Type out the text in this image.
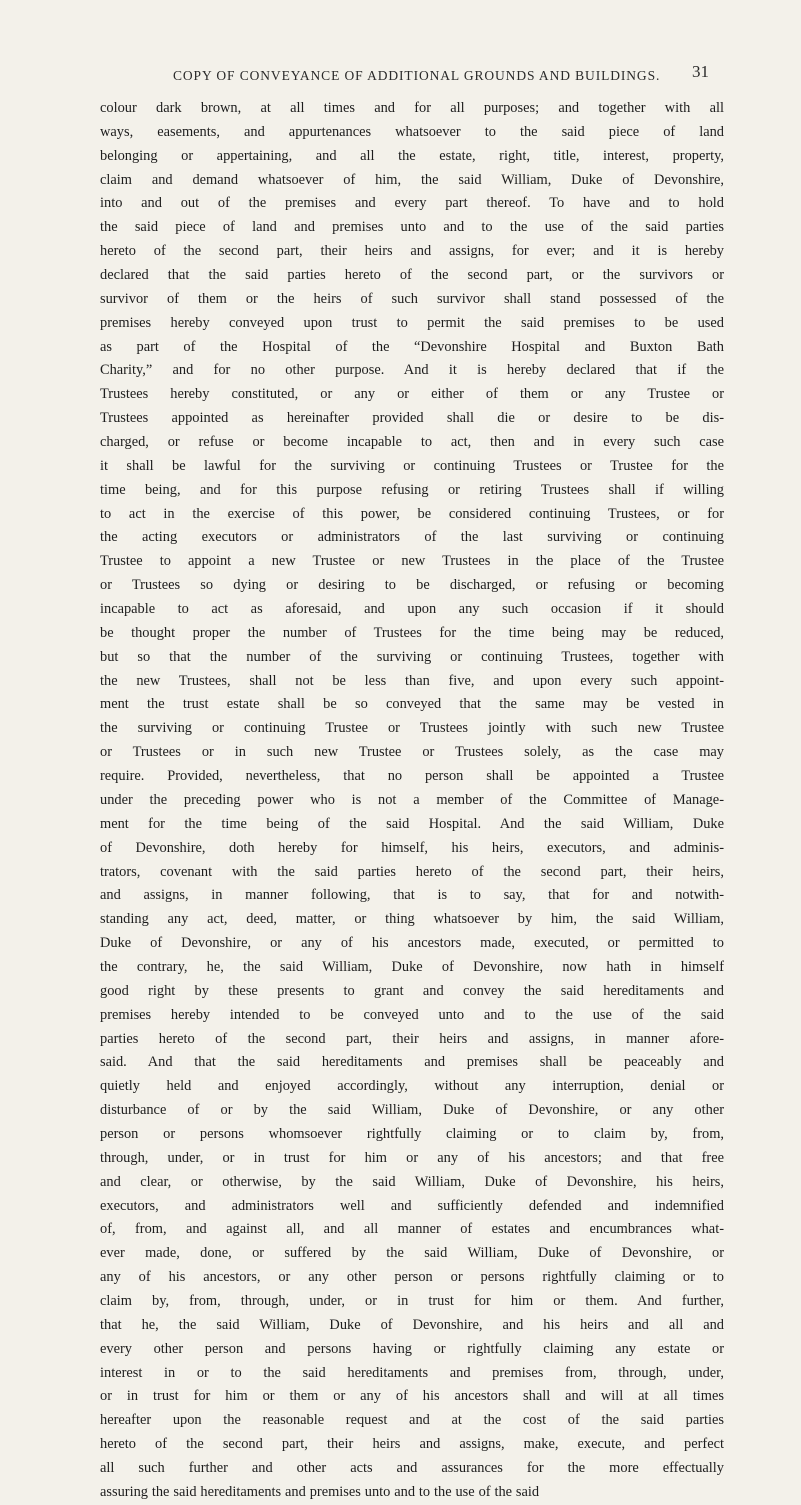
COPY OF CONVEYANCE OF ADDITIONAL GROUNDS AND BUILDINGS. 31
colour dark brown, at all times and for all purposes; and together with all
ways, easements, and appurtenances whatsoever to the said piece of land
belonging or appertaining, and all the estate, right, title, interest, property,
claim and demand whatsoever of him, the said William, Duke of Devonshire,
into and out of the premises and every part thereof. To have and to hold
the said piece of land and premises unto and to the use of the said parties
hereto of the second part, their heirs and assigns, for ever; and it is hereby
declared that the said parties hereto of the second part, or the survivors or
survivor of them or the heirs of such survivor shall stand possessed of the
premises hereby conveyed upon trust to permit the said premises to be used
as part of the Hospital of the “Devonshire Hospital and Buxton Bath
Charity,” and for no other purpose. And it is hereby declared that if the
Trustees hereby constituted, or any or either of them or any Trustee or
Trustees appointed as hereinafter provided shall die or desire to be dis-
charged, or refuse or become incapable to act, then and in every such case
it shall be lawful for the surviving or continuing Trustees or Trustee for the
time being, and for this purpose refusing or retiring Trustees shall if willing
to act in the exercise of this power, be considered continuing Trustees, or for
the acting executors or administrators of the last surviving or continuing
Trustee to appoint a new Trustee or new Trustees in the place of the Trustee
or Trustees so dying or desiring to be discharged, or refusing or becoming
incapable to act as aforesaid, and upon any such occasion if it should
be thought proper the number of Trustees for the time being may be reduced,
but so that the number of the surviving or continuing Trustees, together with
the new Trustees, shall not be less than five, and upon every such appoint-
ment the trust estate shall be so conveyed that the same may be vested in
the surviving or continuing Trustee or Trustees jointly with such new Trustee
or Trustees or in such new Trustee or Trustees solely, as the case may
require. Provided, nevertheless, that no person shall be appointed a Trustee
under the preceding power who is not a member of the Committee of Manage-
ment for the time being of the said Hospital. And the said William, Duke
of Devonshire, doth hereby for himself, his heirs, executors, and adminis-
trators, covenant with the said parties hereto of the second part, their heirs,
and assigns, in manner following, that is to say, that for and notwith-
standing any act, deed, matter, or thing whatsoever by him, the said William,
Duke of Devonshire, or any of his ancestors made, executed, or permitted to
the contrary, he, the said William, Duke of Devonshire, now hath in himself
good right by these presents to grant and convey the said hereditaments and
premises hereby intended to be conveyed unto and to the use of the said
parties hereto of the second part, their heirs and assigns, in manner afore-
said. And that the said hereditaments and premises shall be peaceably and
quietly held and enjoyed accordingly, without any interruption, denial or
disturbance of or by the said William, Duke of Devonshire, or any other
person or persons whomsoever rightfully claiming or to claim by, from,
through, under, or in trust for him or any of his ancestors; and that free
and clear, or otherwise, by the said William, Duke of Devonshire, his heirs,
executors, and administrators well and sufficiently defended and indemnified
of, from, and against all, and all manner of estates and encumbrances what-
ever made, done, or suffered by the said William, Duke of Devonshire, or
any of his ancestors, or any other person or persons rightfully claiming or to
claim by, from, through, under, or in trust for him or them. And further,
that he, the said William, Duke of Devonshire, and his heirs and all and
every other person and persons having or rightfully claiming any estate or
interest in or to the said hereditaments and premises from, through, under,
or in trust for him or them or any of his ancestors shall and will at all times
hereafter upon the reasonable request and at the cost of the said parties
hereto of the second part, their heirs and assigns, make, execute, and perfect
all such further and other acts and assurances for the more effectually
assuring the said hereditaments and premises unto and to the use of the said
